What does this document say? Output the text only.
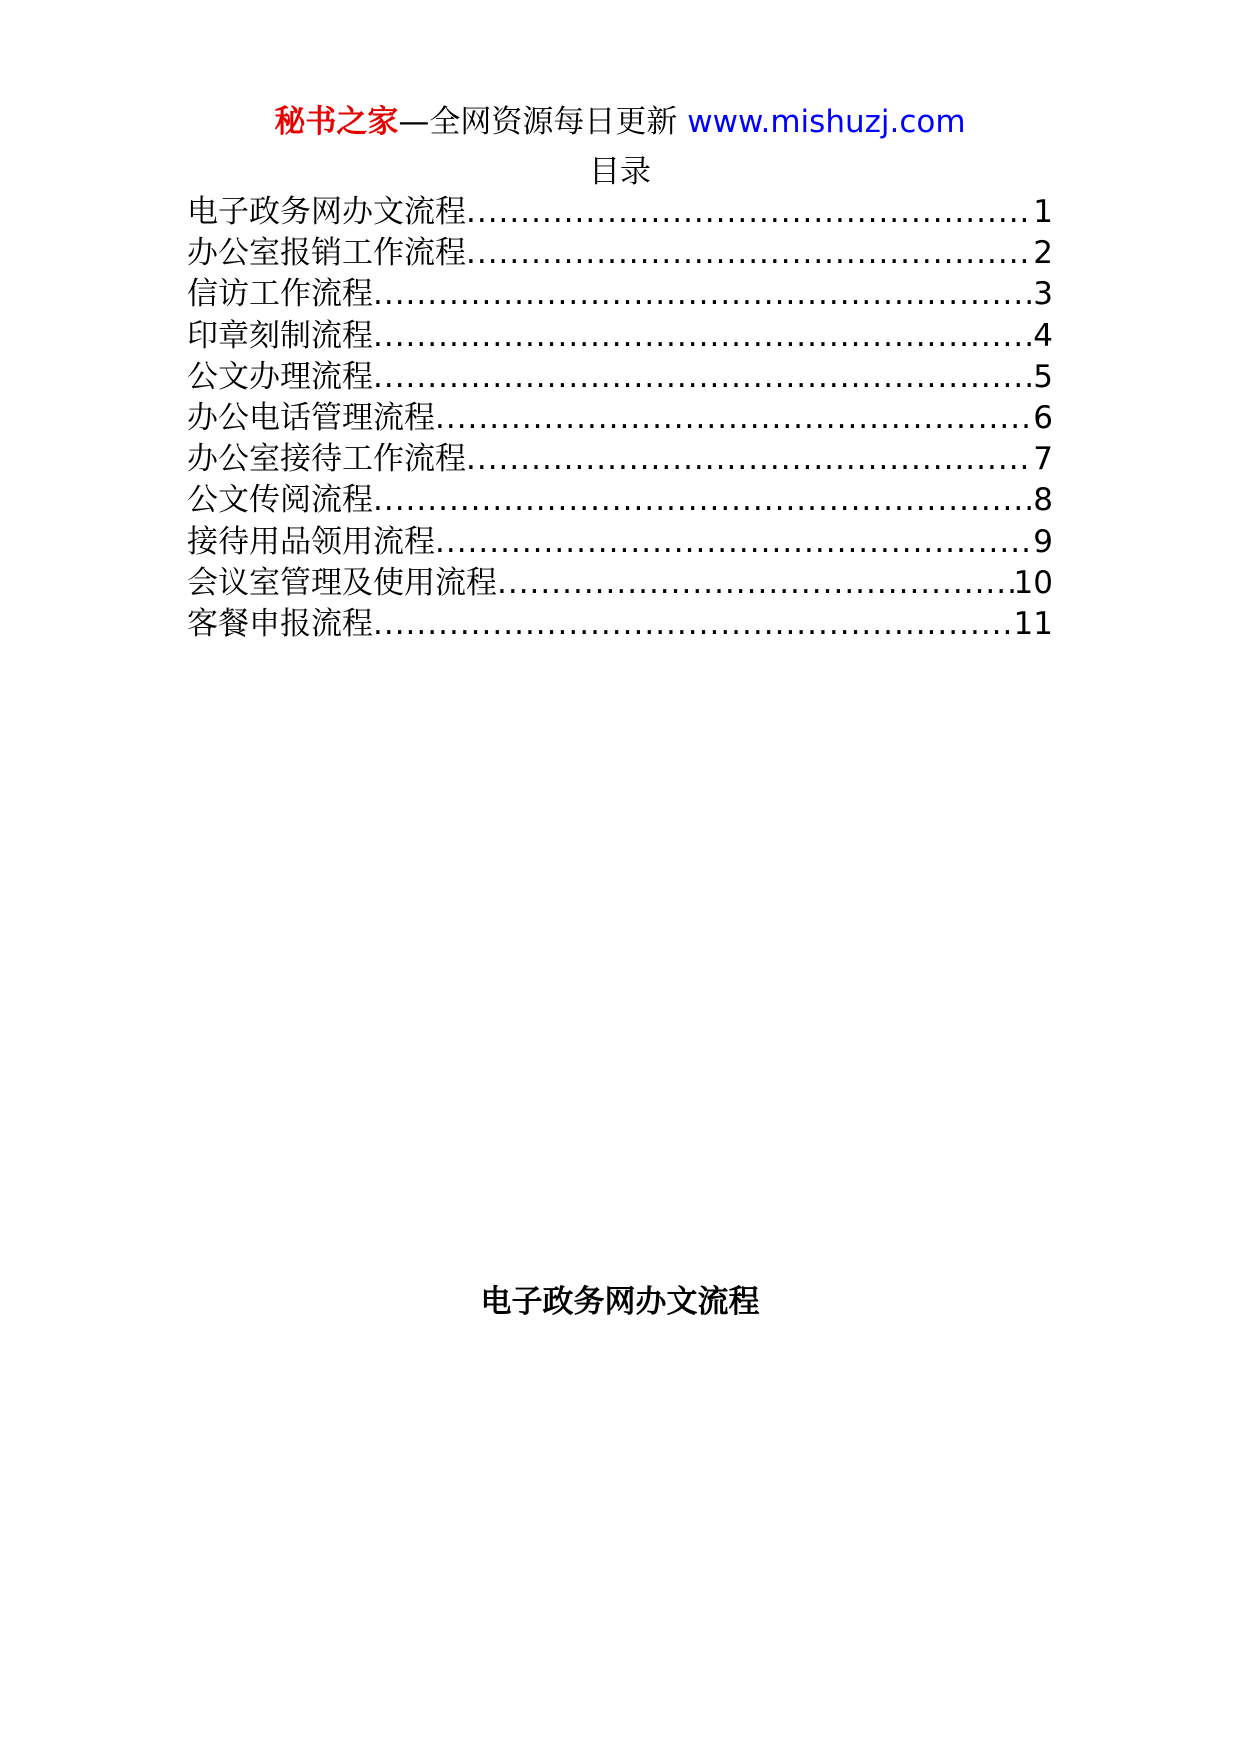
秘书之家—全网资源每日更新 www.mishuzj.com
目录
电子政务网办文流程 .....	1
办公室报销工作流程 .....	2
信访工作流程 .....	3
印章刻制流程 .....	4
公文办理流程 .....	5
办公电话管理流程 .....	6
办公室接待工作流程 .....	7
公文传阅流程 .....	8
接待用品领用流程 .....	9
会议室管理及使用流程 .....	10
客餐申报流程 .....	11
电子政务网办文流程
